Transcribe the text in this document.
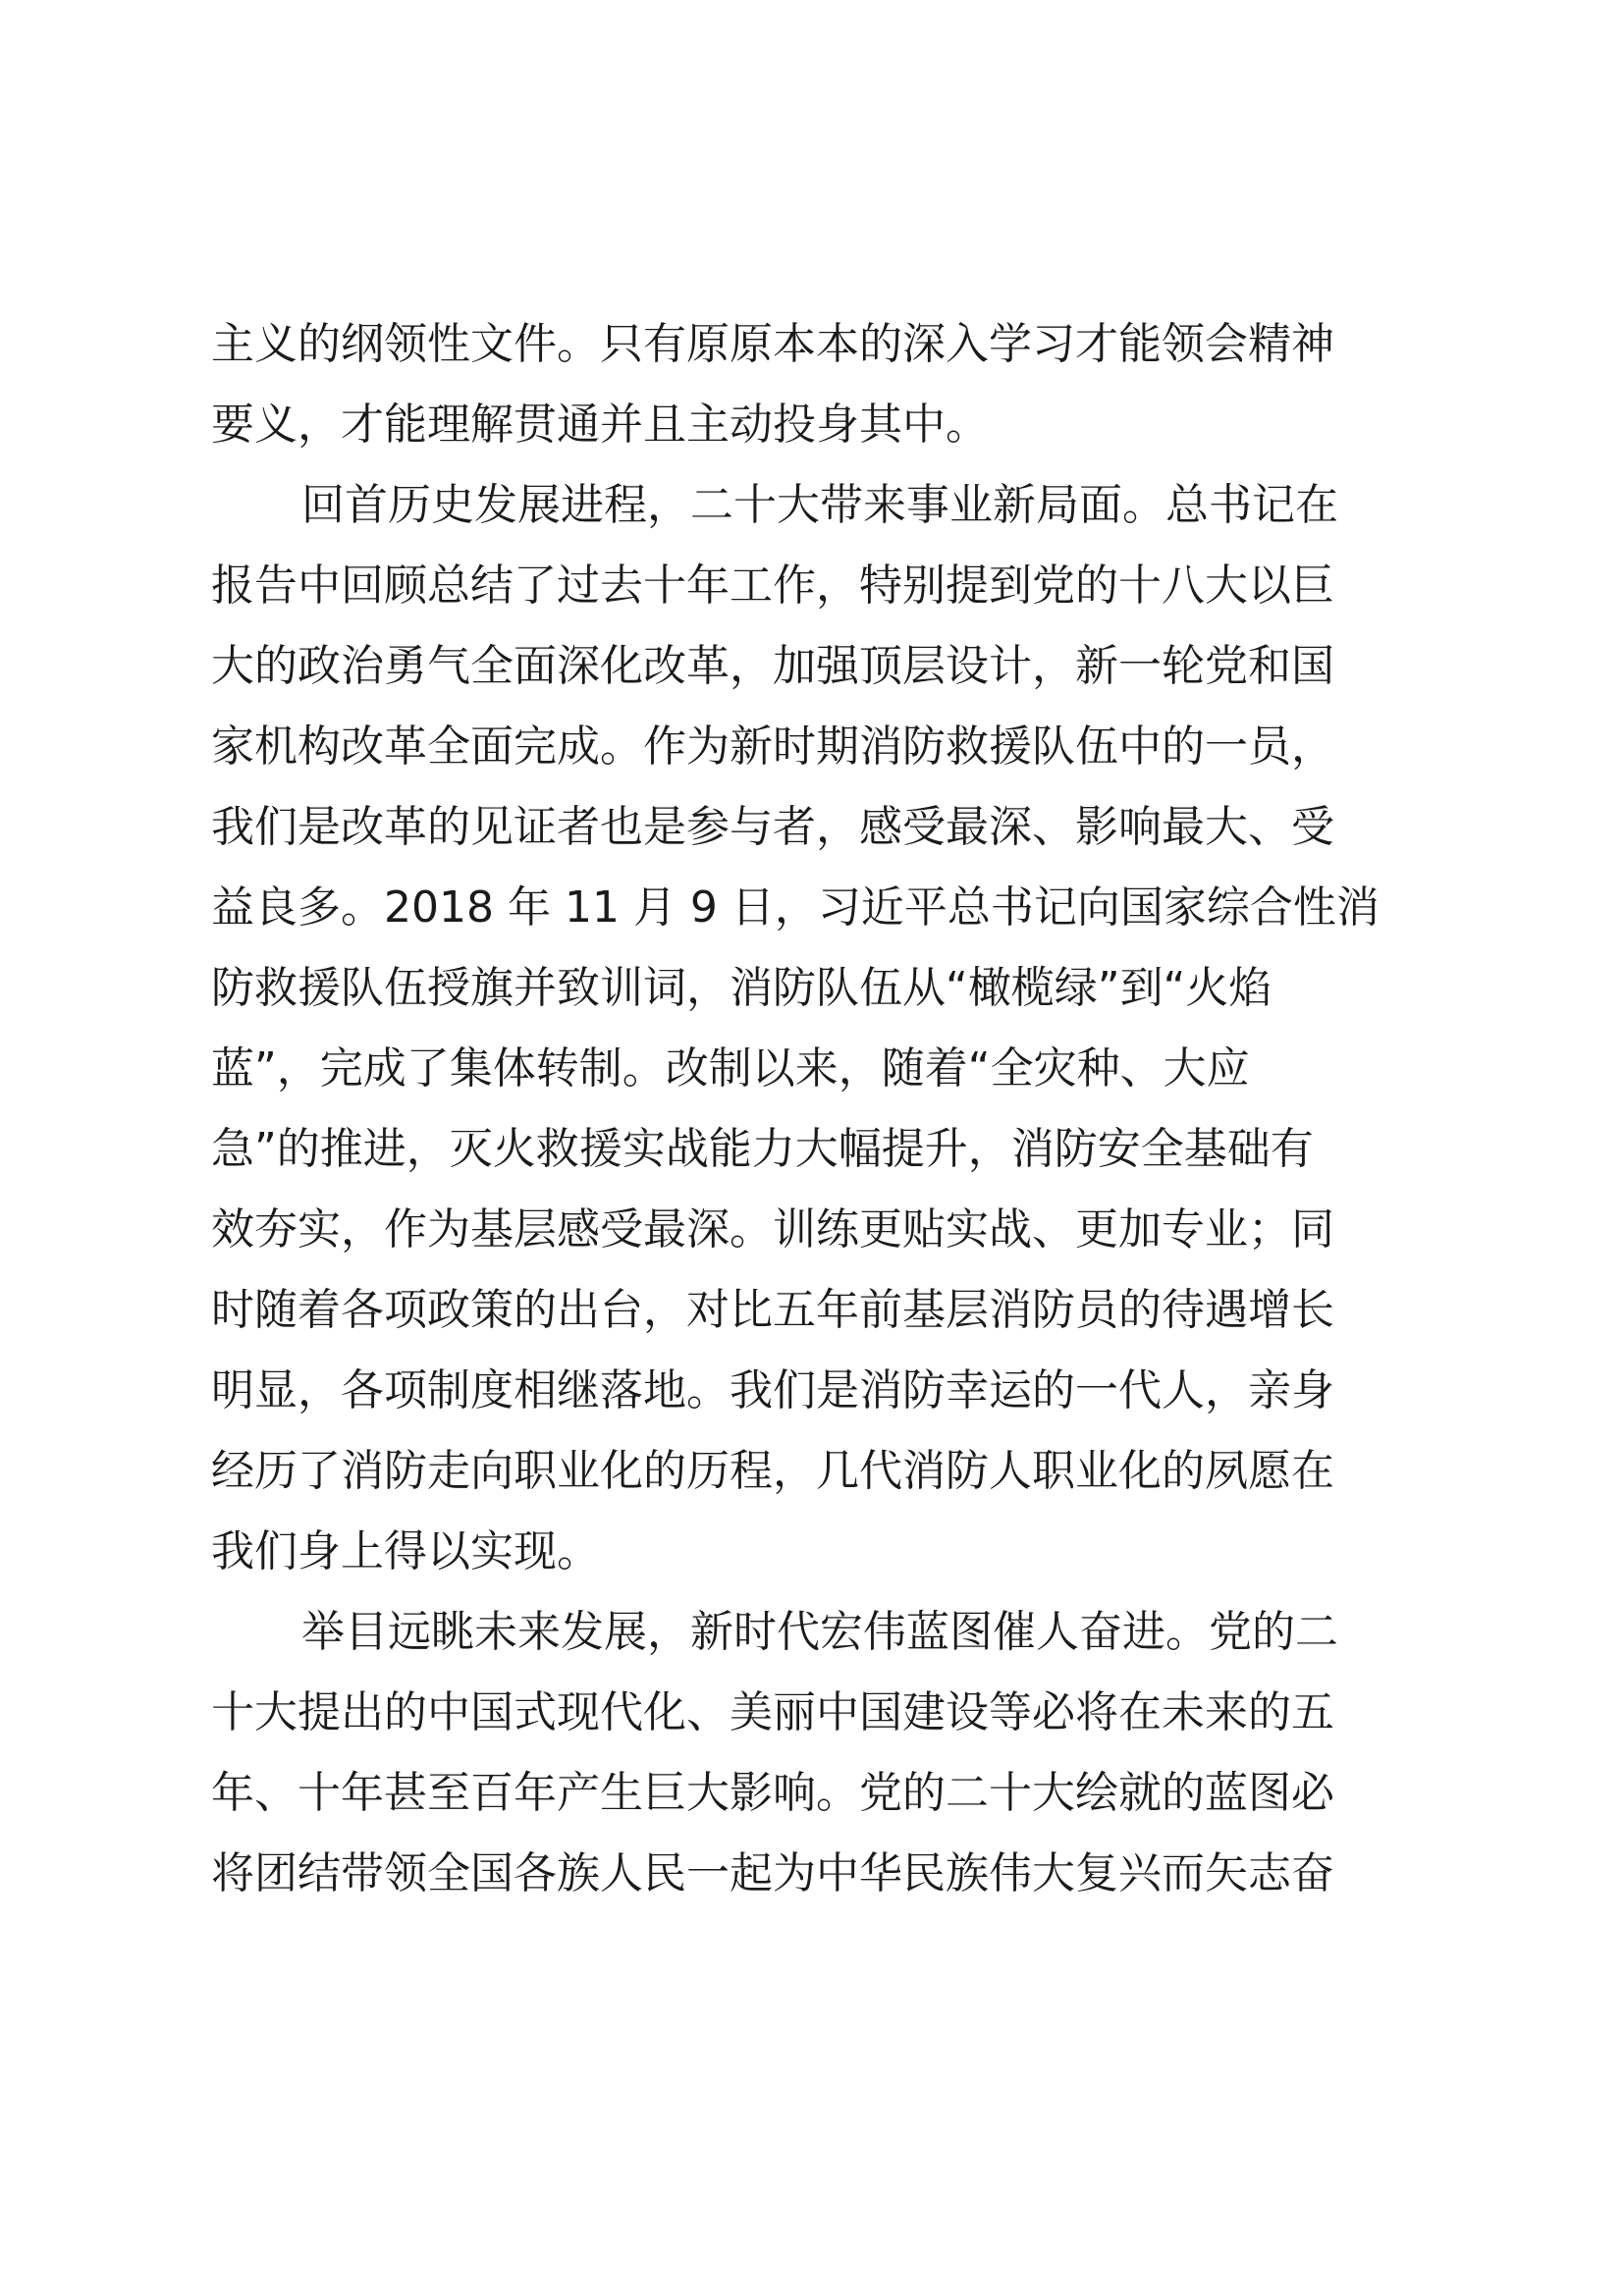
主义的纲领性文件。只有原原本本的深入学习才能领会精神
要义，才能理解贯通并且主动投身其中。
回首历史发展进程，二十大带来事业新局面。总书记在
报告中回顾总结了过去十年工作，特别提到党的十八大以巨
大的政治勇气全面深化改革，加强顶层设计，新一轮党和国
家机构改革全面完成。作为新时期消防救援队伍中的一员，
我们是改革的见证者也是参与者，感受最深、影响最大、受
益良多。2018 年 11 月 9 日，习近平总书记向国家综合性消
防救援队伍授旗并致训词，消防队伍从“橄榄绿”到“火焰
蓝”，完成了集体转制。改制以来，随着“全灾种、大应
急”的推进，灭火救援实战能力大幅提升，消防安全基础有
效夯实，作为基层感受最深。训练更贴实战、更加专业；同
时随着各项政策的出台，对比五年前基层消防员的待遇增长
明显，各项制度相继落地。我们是消防幸运的一代人，亲身
经历了消防走向职业化的历程，几代消防人职业化的夙愿在
我们身上得以实现。
举目远眺未来发展，新时代宏伟蓝图催人奋进。党的二
十大提出的中国式现代化、美丽中国建设等必将在未来的五
年、十年甚至百年产生巨大影响。党的二十大绘就的蓝图必
将团结带领全国各族人民一起为中华民族伟大复兴而矢志奋
